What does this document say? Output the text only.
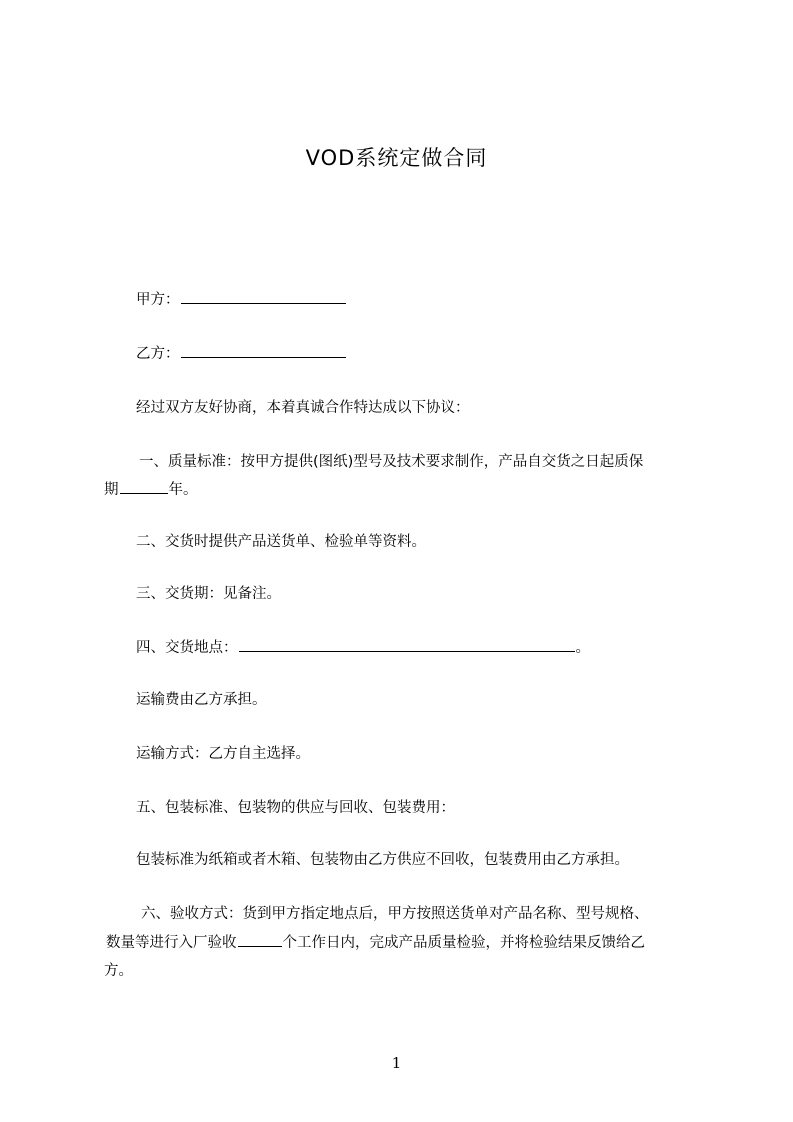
VOD系统定做合同
甲方：
乙方：
经过双方友好协商，本着真诚合作特达成以下协议：
一、质量标准：按甲方提供(图纸)型号及技术要求制作，产品自交货之日起质保
期	年。
二、交货时提供产品送货单、检验单等资料。
三、交货期：见备注。
四、交货地点：	。
运输费由乙方承担。
运输方式：乙方自主选择。
五、包装标准、包装物的供应与回收、包装费用：
包装标准为纸箱或者木箱、包装物由乙方供应不回收，包装费用由乙方承担。
六、验收方式：货到甲方指定地点后，甲方按照送货单对产品名称、型号规格、
数量等进行入厂验收	个工作日内，完成产品质量检验，并将检验结果反馈给乙
方。
1
